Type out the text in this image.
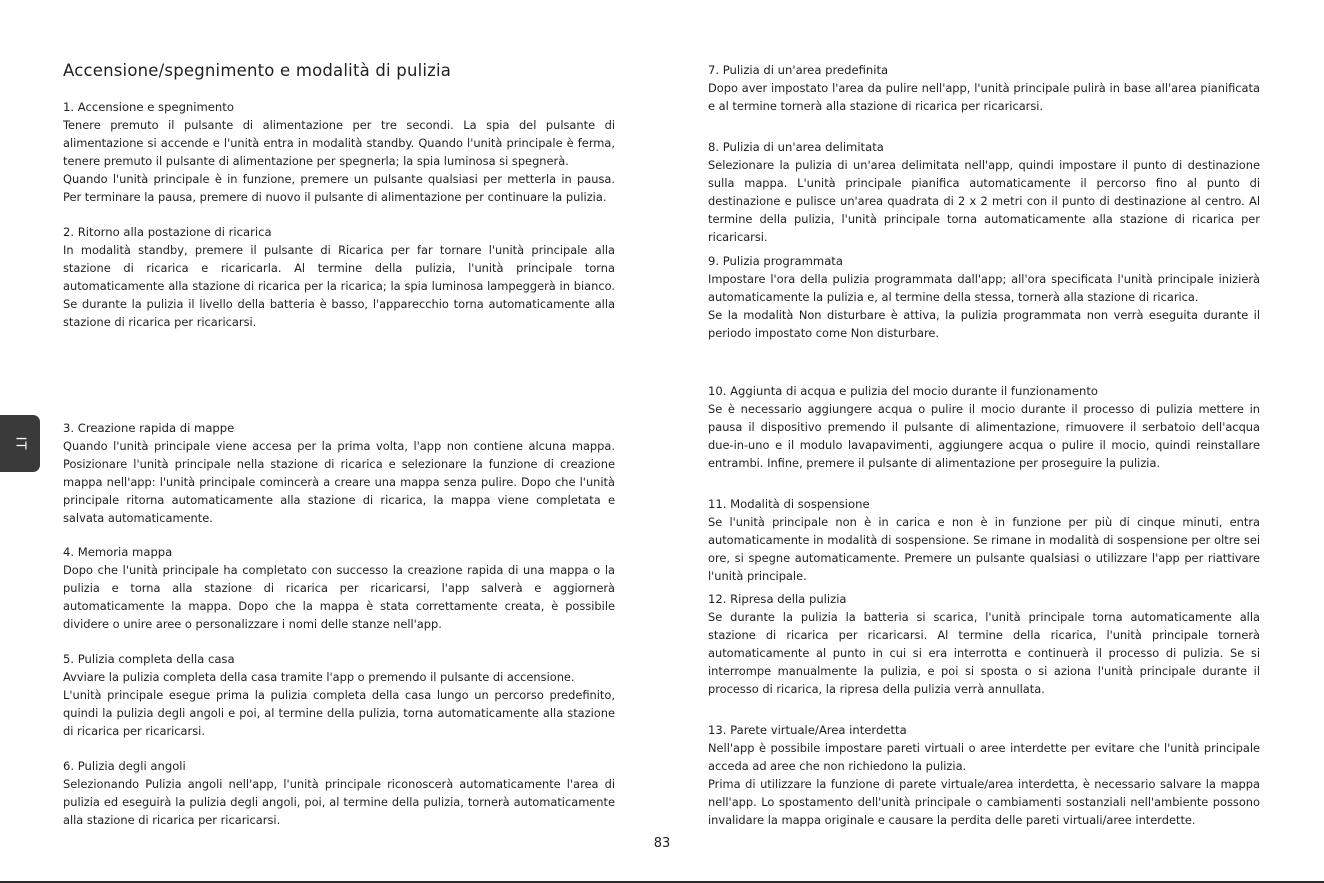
Accensione/spegnimento e modalità di pulizia
1. Accensione e spegnimento
Tenere premuto il pulsante di alimentazione per tre secondi. La spia del pulsante di alimentazione si accende e l'unità entra in modalità standby. Quando l'unità principale è ferma, tenere premuto il pulsante di alimentazione per spegnerla; la spia luminosa si spegnerà.
Quando l'unità principale è in funzione, premere un pulsante qualsiasi per metterla in pausa. Per terminare la pausa, premere di nuovo il pulsante di alimentazione per continuare la pulizia.
2. Ritorno alla postazione di ricarica
In modalità standby, premere il pulsante di Ricarica per far tornare l'unità principale alla stazione di ricarica e ricaricarla. Al termine della pulizia, l'unità principale torna automaticamente alla stazione di ricarica per la ricarica; la spia luminosa lampeggerà in bianco. Se durante la pulizia il livello della batteria è basso, l'apparecchio torna automaticamente alla stazione di ricarica per ricaricarsi.
3. Creazione rapida di mappe
Quando l'unità principale viene accesa per la prima volta, l'app non contiene alcuna mappa. Posizionare l'unità principale nella stazione di ricarica e selezionare la funzione di creazione mappa nell'app: l'unità principale comincerà a creare una mappa senza pulire. Dopo che l'unità principale ritorna automaticamente alla stazione di ricarica, la mappa viene completata e salvata automaticamente.
4. Memoria mappa
Dopo che l'unità principale ha completato con successo la creazione rapida di una mappa o la pulizia e torna alla stazione di ricarica per ricaricarsi, l'app salverà e aggiornerà automaticamente la mappa. Dopo che la mappa è stata correttamente creata, è possibile dividere o unire aree o personalizzare i nomi delle stanze nell'app.
5. Pulizia completa della casa
Avviare la pulizia completa della casa tramite l'app o premendo il pulsante di accensione.
L'unità principale esegue prima la pulizia completa della casa lungo un percorso predefinito, quindi la pulizia degli angoli e poi, al termine della pulizia, torna automaticamente alla stazione di ricarica per ricaricarsi.
6. Pulizia degli angoli
Selezionando Pulizia angoli nell'app, l'unità principale riconoscerà automaticamente l'area di pulizia ed eseguirà la pulizia degli angoli, poi, al termine della pulizia, tornerà automaticamente alla stazione di ricarica per ricaricarsi.
7. Pulizia di un'area predefinita
Dopo aver impostato l'area da pulire nell'app, l'unità principale pulirà in base all'area pianificata e al termine tornerà alla stazione di ricarica per ricaricarsi.
8. Pulizia di un'area delimitata
Selezionare la pulizia di un'area delimitata nell'app, quindi impostare il punto di destinazione sulla mappa. L'unità principale pianifica automaticamente il percorso fino al punto di destinazione e pulisce un'area quadrata di 2 x 2 metri con il punto di destinazione al centro. Al termine della pulizia, l'unità principale torna automaticamente alla stazione di ricarica per ricaricarsi.
9. Pulizia programmata
Impostare l'ora della pulizia programmata dall'app; all'ora specificata l'unità principale inizierà automaticamente la pulizia e, al termine della stessa, tornerà alla stazione di ricarica.
Se la modalità Non disturbare è attiva, la pulizia programmata non verrà eseguita durante il periodo impostato come Non disturbare.
10. Aggiunta di acqua e pulizia del mocio durante il funzionamento
Se è necessario aggiungere acqua o pulire il mocio durante il processo di pulizia mettere in pausa il dispositivo premendo il pulsante di alimentazione, rimuovere il serbatoio dell'acqua due-in-uno e il modulo lavapavimenti, aggiungere acqua o pulire il mocio, quindi reinstallare entrambi. Infine, premere il pulsante di alimentazione per proseguire la pulizia.
11. Modalità di sospensione
Se l'unità principale non è in carica e non è in funzione per più di cinque minuti, entra automaticamente in modalità di sospensione. Se rimane in modalità di sospensione per oltre sei ore, si spegne automaticamente. Premere un pulsante qualsiasi o utilizzare l'app per riattivare l'unità principale.
12. Ripresa della pulizia
Se durante la pulizia la batteria si scarica, l'unità principale torna automaticamente alla stazione di ricarica per ricaricarsi. Al termine della ricarica, l'unità principale tornerà automaticamente al punto in cui si era interrotta e continuerà il processo di pulizia. Se si interrompe manualmente la pulizia, e poi si sposta o si aziona l'unità principale durante il processo di ricarica, la ripresa della pulizia verrà annullata.
13. Parete virtuale/Area interdetta
Nell'app è possibile impostare pareti virtuali o aree interdette per evitare che l'unità principale acceda ad aree che non richiedono la pulizia.
Prima di utilizzare la funzione di parete virtuale/area interdetta, è necessario salvare la mappa nell'app. Lo spostamento dell'unità principale o cambiamenti sostanziali nell'ambiente possono invalidare la mappa originale e causare la perdita delle pareti virtuali/aree interdette.
IT
83
